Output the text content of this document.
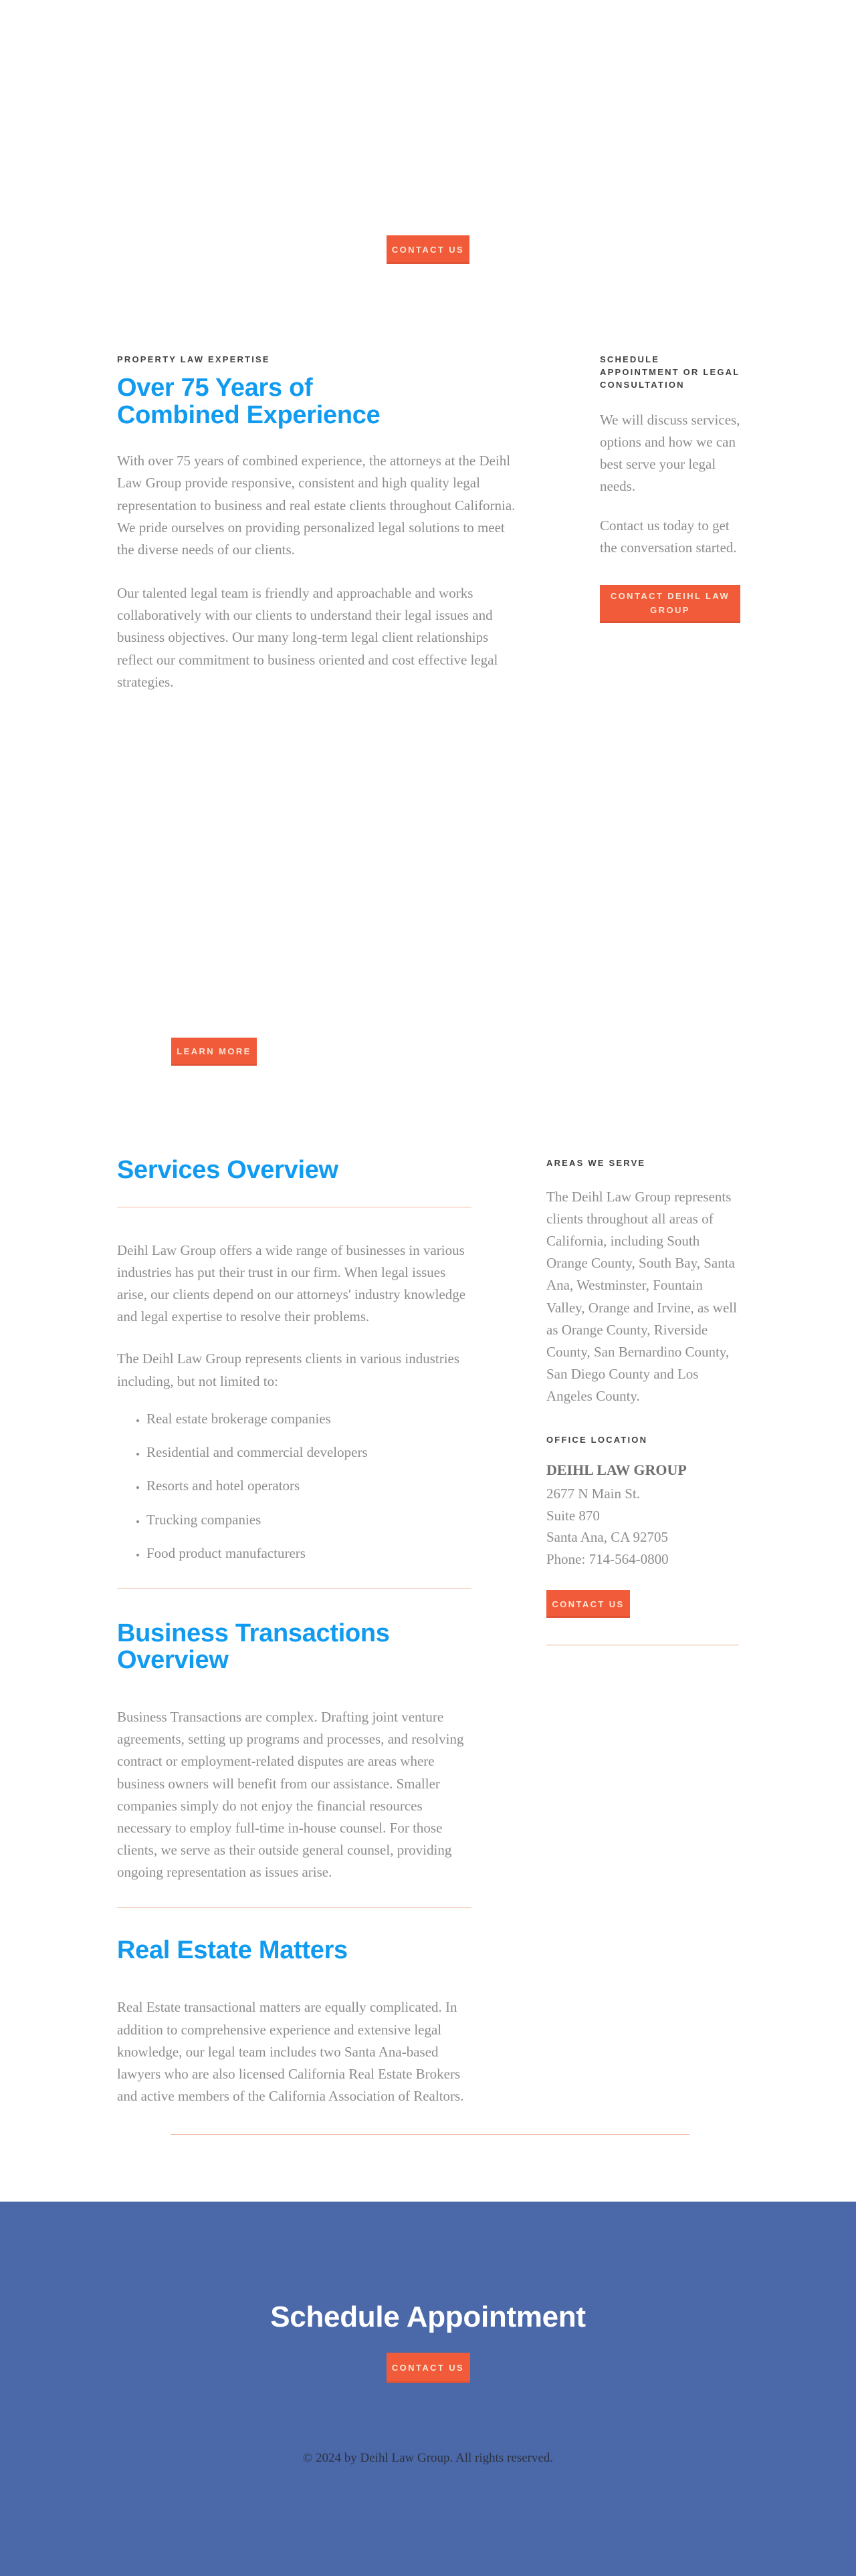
CONTACT US
PROPERTY LAW EXPERTISE
Over 75 Years of
Combined Experience

With over 75 years of combined experience, the attorneys at the Deihl Law Group provide responsive, consistent and high quality legal representation to business and real estate clients throughout California. We pride ourselves on providing personalized legal solutions to meet the diverse needs of our clients.

Our talented legal team is friendly and approachable and works collaboratively with our clients to understand their legal issues and business objectives. Our many long-term legal client relationships reflect our commitment to business oriented and cost effective legal strategies.

SCHEDULE APPOINTMENT OR LEGAL CONSULTATION

We will discuss services, options and how we can best serve your legal needs.

Contact us today to get the conversation started.

CONTACT DEIHL LAW GROUP
LEARN MORE
Services Overview

Deihl Law Group offers a wide range of businesses in various industries has put their trust in our firm. When legal issues arise, our clients depend on our attorneys' industry knowledge and legal expertise to resolve their problems.

The Deihl Law Group represents clients in various industries including, but not limited to:

• Real estate brokerage companies
• Residential and commercial developers
• Resorts and hotel operators
• Trucking companies
• Food product manufacturers
Business Transactions Overview

Business Transactions are complex. Drafting joint venture agreements, setting up programs and processes, and resolving contract or employment-related disputes are areas where business owners will benefit from our assistance. Smaller companies simply do not enjoy the financial resources necessary to employ full-time in-house counsel. For those clients, we serve as their outside general counsel, providing ongoing representation as issues arise.

Real Estate Matters

Real Estate transactional matters are equally complicated. In addition to comprehensive experience and extensive legal knowledge, our legal team includes two Santa Ana-based lawyers who are also licensed California Real Estate Brokers and active members of the California Association of Realtors.

AREAS WE SERVE

The Deihl Law Group represents clients throughout all areas of California, including South Orange County, South Bay, Santa Ana, Westminster, Fountain Valley, Orange and Irvine, as well as Orange County, Riverside County, San Bernardino County, San Diego County and Los Angeles County.

OFFICE LOCATION

DEIHL LAW GROUP

2677 N Main St.

Suite 870

Santa Ana, CA 92705

Phone: 714-564-0800

CONTACT US
Schedule Appointment
CONTACT US

© 2024 by Deihl Law Group. All rights reserved.
